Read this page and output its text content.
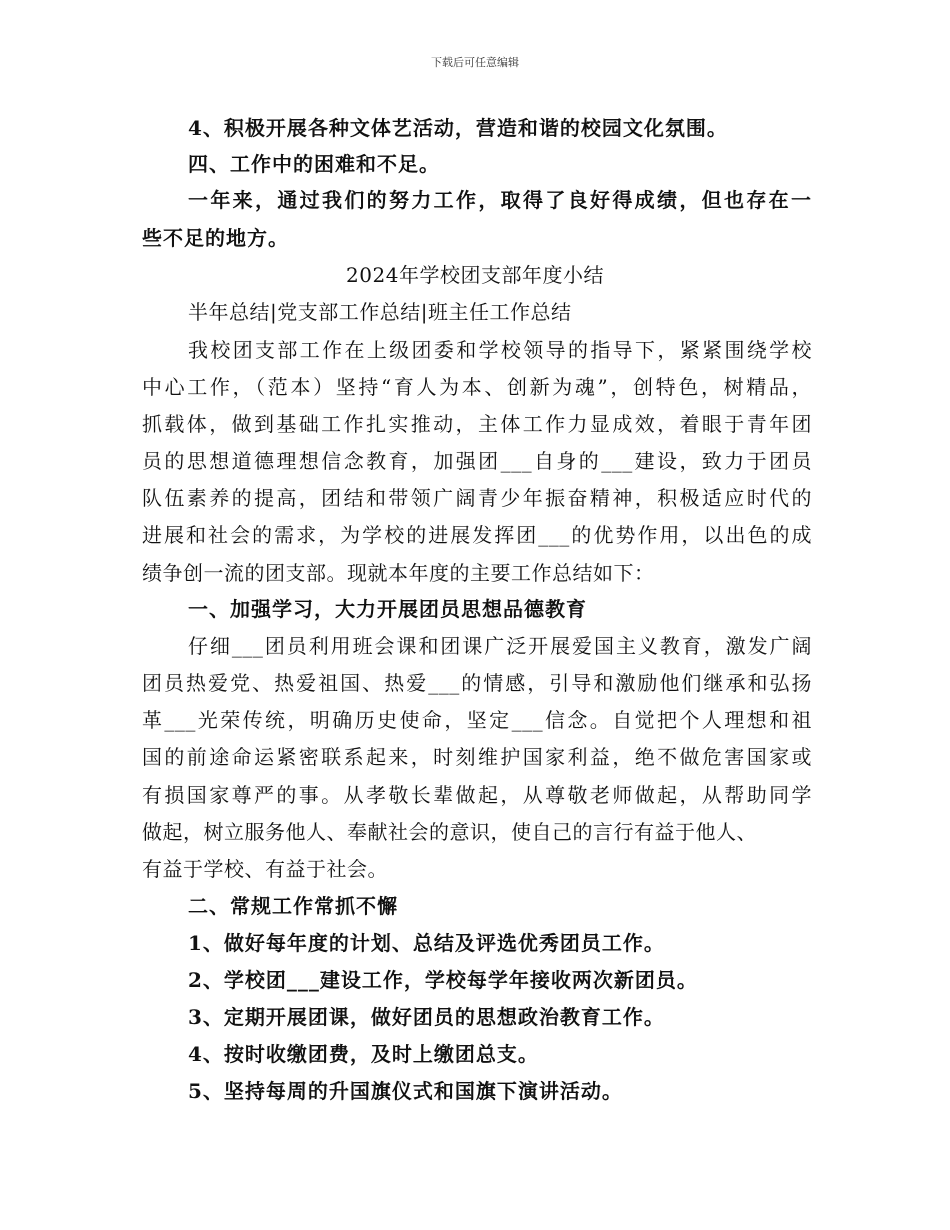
下载后可任意编辑
4、积极开展各种文体艺活动，营造和谐的校园文化氛围。
四、工作中的困难和不足。
一年来，通过我们的努力工作，取得了良好得成绩，但也存在一
些不足的地方。
2024年学校团支部年度小结
半年总结|党支部工作总结|班主任工作总结
我校团支部工作在上级团委和学校领导的指导下，紧紧围绕学校
中心工作，（范本）坚持“育人为本、创新为魂”，创特色，树精品，
抓载体，做到基础工作扎实推动，主体工作力显成效，着眼于青年团
员的思想道德理想信念教育，加强团___自身的___建设，致力于团员
队伍素养的提高，团结和带领广阔青少年振奋精神，积极适应时代的
进展和社会的需求，为学校的进展发挥团___的优势作用，以出色的成
绩争创一流的团支部。现就本年度的主要工作总结如下：
一、加强学习，大力开展团员思想品德教育
仔细___团员利用班会课和团课广泛开展爱国主义教育，激发广阔
团员热爱党、热爱祖国、热爱___的情感，引导和激励他们继承和弘扬
革___光荣传统，明确历史使命，坚定___信念。自觉把个人理想和祖
国的前途命运紧密联系起来，时刻维护国家利益，绝不做危害国家或
有损国家尊严的事。从孝敬长辈做起，从尊敬老师做起，从帮助同学
做起，树立服务他人、奉献社会的意识，使自己的言行有益于他人、
有益于学校、有益于社会。
二、常规工作常抓不懈
1、做好每年度的计划、总结及评选优秀团员工作。
2、学校团___建设工作，学校每学年接收两次新团员。
3、定期开展团课，做好团员的思想政治教育工作。
4、按时收缴团费，及时上缴团总支。
5、坚持每周的升国旗仪式和国旗下演讲活动。
